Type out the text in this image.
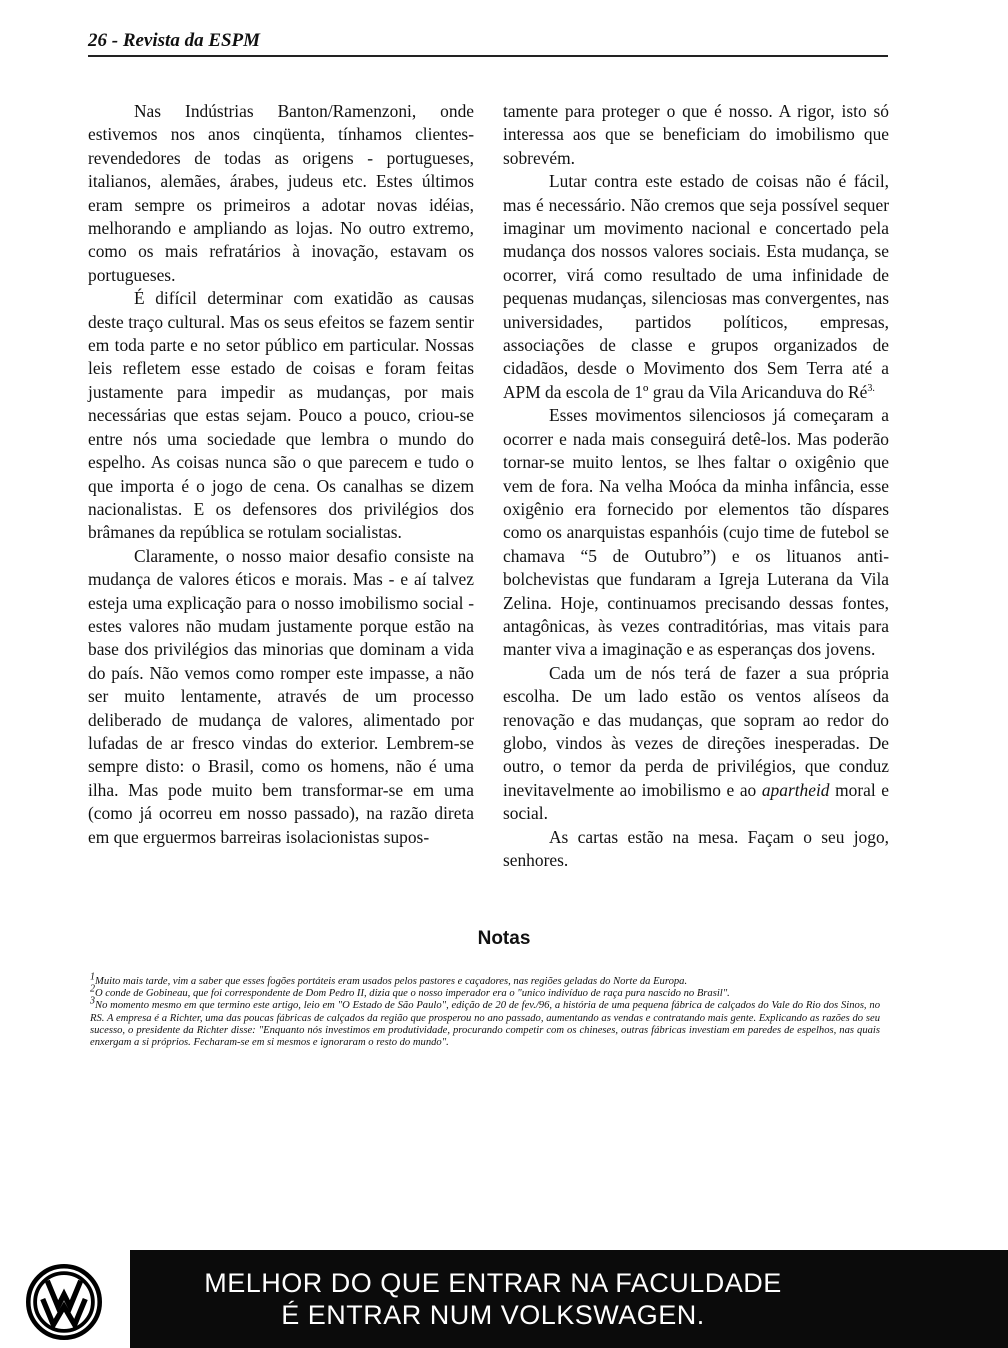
26 - Revista da ESPM

Nas Indústrias Banton/Ramenzoni, onde estivemos nos anos cinqüenta, tínhamos clientes-revendedores de todas as origens - portugueses, italianos, alemães, árabes, judeus etc. Estes últimos eram sempre os primeiros a adotar novas idéias, melhorando e ampliando as lojas. No outro extremo, como os mais refratários à inovação, estavam os portugueses.

É difícil determinar com exatidão as causas deste traço cultural. Mas os seus efeitos se fazem sentir em toda parte e no setor público em particular. Nossas leis refletem esse estado de coisas e foram feitas justamente para impedir as mudanças, por mais necessárias que estas sejam. Pouco a pouco, criou-se entre nós uma sociedade que lembra o mundo do espelho. As coisas nunca são o que parecem e tudo o que importa é o jogo de cena. Os canalhas se dizem nacionalistas. E os defensores dos privilégios dos brâmanes da república se rotulam socialistas.

Claramente, o nosso maior desafio consiste na mudança de valores éticos e morais. Mas - e aí talvez esteja uma explicação para o nosso imobilismo social - estes valores não mudam justamente porque estão na base dos privilégios das minorias que dominam a vida do país. Não vemos como romper este impasse, a não ser muito lentamente, através de um processo deliberado de mudança de valores, alimentado por lufadas de ar fresco vindas do exterior. Lembrem-se sempre disto: o Brasil, como os homens, não é uma ilha. Mas pode muito bem transformar-se em uma (como já ocorreu em nosso passado), na razão direta em que erguermos barreiras isolacionistas supos-

tamente para proteger o que é nosso. A rigor, isto só interessa aos que se beneficiam do imobilismo que sobrevém.

Lutar contra este estado de coisas não é fácil, mas é necessário. Não cremos que seja possível sequer imaginar um movimento nacional e concertado pela mudança dos nossos valores sociais. Esta mudança, se ocorrer, virá como resultado de uma infinidade de pequenas mudanças, silenciosas mas convergentes, nas universidades, partidos políticos, empresas, associações de classe e grupos organizados de cidadãos, desde o Movimento dos Sem Terra até a APM da escola de 1º grau da Vila Aricanduva do $Ré^{3.}$

Esses movimentos silenciosos já começaram a ocorrer e nada mais conseguirá detê-los. Mas poderão tornar-se muito lentos, se lhes faltar o oxigênio que vem de fora. Na velha Moóca da minha infância, esse oxigênio era fornecido por elementos tão díspares como os anarquistas espanhóis (cujo time de futebol se chamava “5 de Outubro”) e os lituanos anti-bolchevistas que fundaram a Igreja Luterana da Vila Zelina. Hoje, continuamos precisando dessas fontes, antagônicas, às vezes contraditórias, mas vitais para manter viva a imaginação e as esperanças dos jovens.

Cada um de nós terá de fazer a sua própria escolha. De um lado estão os ventos alíseos da renovação e das mudanças, que sopram ao redor do globo, vindos às vezes de direções inesperadas. De outro, o temor da perda de privilégios, que conduz inevitavelmente ao imobilismo e ao apartheid moral e social.

As cartas estão na mesa. Façam o seu jogo, senhores.

Notas

$^1$Muito mais tarde, vim a saber que esses fogões portáteis eram usados pelos pastores e caçadores, nas regiões geladas do Norte da Europa.

$^2$O conde de Gobineau, que foi correspondente de Dom Pedro II, dizia que o nosso imperador era o "unico indivíduo de raça pura nascido no Brasil".

$^3$No momento mesmo em que termino este artigo, leio em "O Estado de São Paulo", edição de 20 de fev./96, a história de uma pequena fábrica de calçados do Vale do Rio dos Sinos, no RS. A empresa é a Richter, uma das poucas fábricas de calçados da região que prosperou no ano passado, aumentando as vendas e contratando mais gente. Explicando as razões do seu sucesso, o presidente da Richter disse: "Enquanto nós investimos em produtividade, procurando competir com os chineses, outras fábricas investiam em paredes de espelhos, nas quais enxergam a si próprios. Fecharam-se em si mesmos e ignoraram o resto do mundo".

MELHOR DO QUE ENTRAR NA FACULDADE
É ENTRAR NUM VOLKSWAGEN.
